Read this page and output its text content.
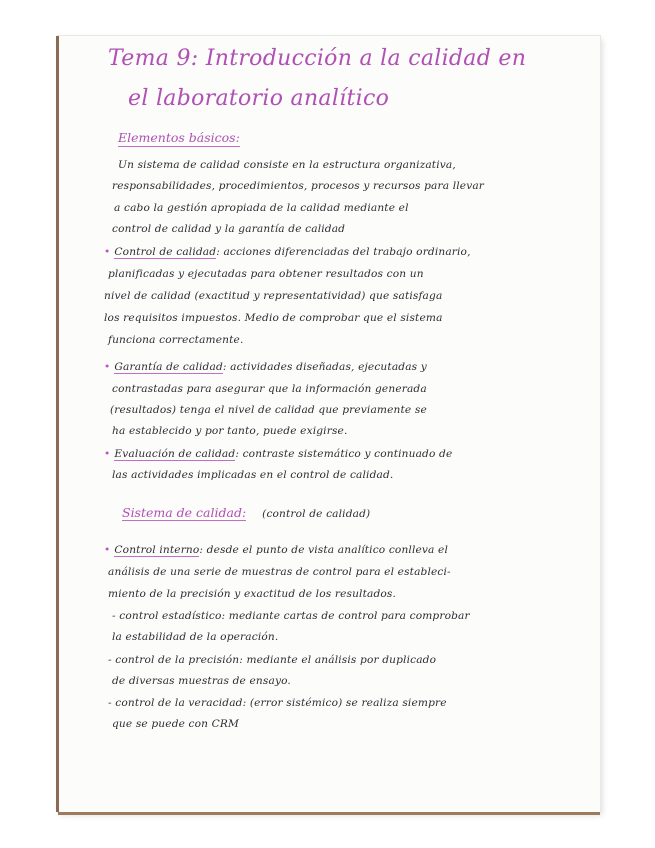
Tema 9: Introducción a la calidad en

el laboratorio analítico

Elementos básicos:

Un sistema de calidad consiste en la estructura organizativa,

responsabilidades, procedimientos, procesos y recursos para llevar

a cabo la gestión apropiada de la calidad mediante el

control de calidad y la garantía de calidad

• Control de calidad: acciones diferenciadas del trabajo ordinario,

planificadas y ejecutadas para obtener resultados con un

nivel de calidad (exactitud y representatividad) que satisfaga

los requisitos impuestos. Medio de comprobar que el sistema

funciona correctamente.

• Garantía de calidad: actividades diseñadas, ejecutadas y

contrastadas para asegurar que la información generada

(resultados) tenga el nivel de calidad que previamente se

ha establecido y por tanto, puede exigirse.

• Evaluación de calidad: contraste sistemático y continuado de

las actividades implicadas en el control de calidad.

Sistema de calidad: (control de calidad)

• Control interno: desde el punto de vista analítico conlleva el

análisis de una serie de muestras de control para el estableci-

miento de la precisión y exactitud de los resultados.

- control estadístico: mediante cartas de control para comprobar

la estabilidad de la operación.

- control de la precisión: mediante el análisis por duplicado

de diversas muestras de ensayo.

- control de la veracidad: (error sistémico) se realiza siempre

que se puede con CRM
